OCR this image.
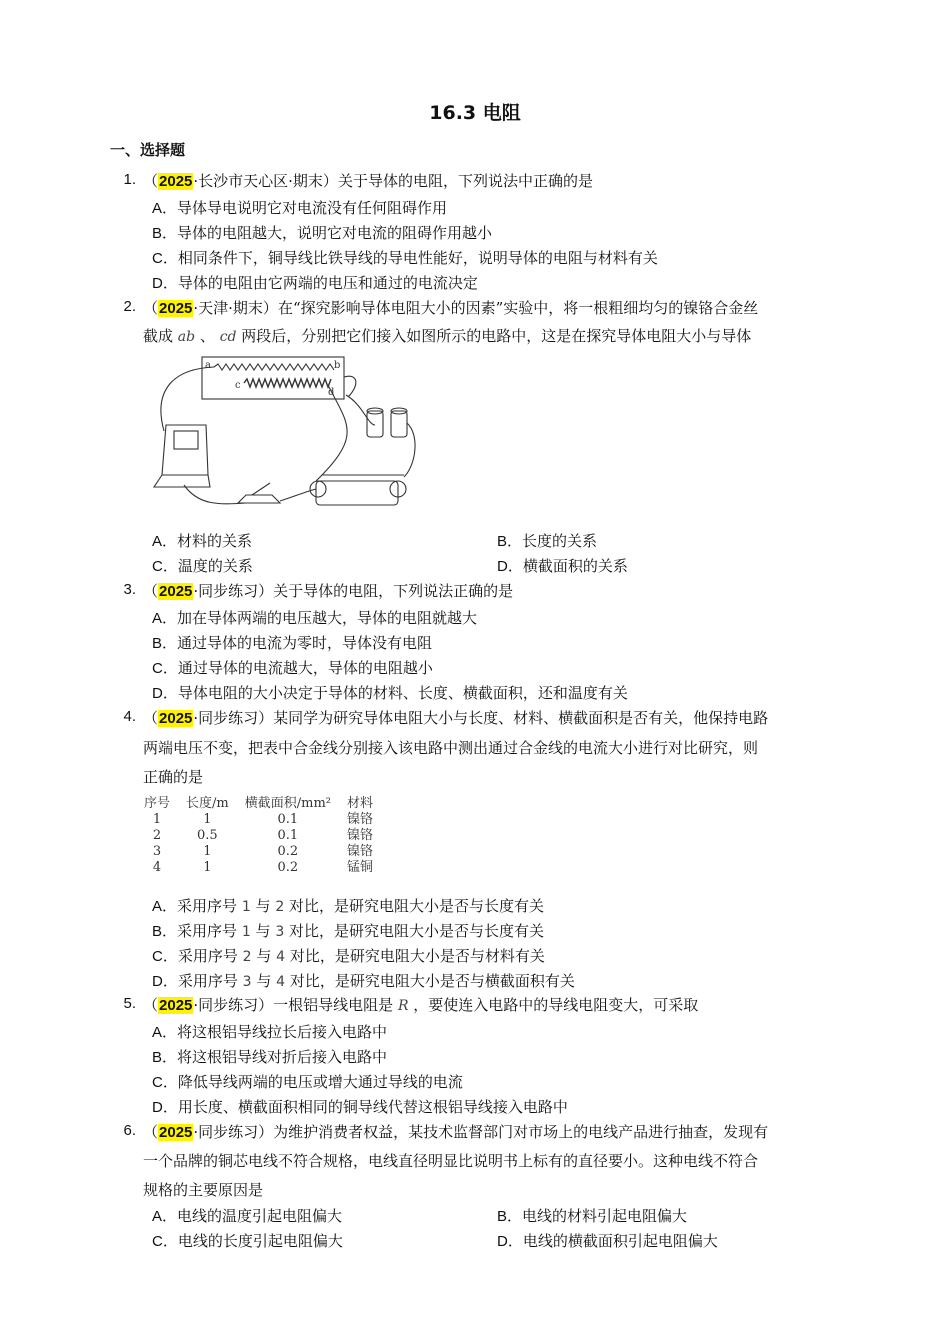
16.3 电阻
一、选择题
1. （2025·长沙市天心区·期末）关于导体的电阻，下列说法中正确的是
A．导体导电说明它对电流没有任何阻碍作用
B．导体的电阻越大，说明它对电流的阻碍作用越小
C．相同条件下，铜导线比铁导线的导电性能好，说明导体的电阻与材料有关
D．导体的电阻由它两端的电压和通过的电流决定
2. （2025·天津·期末）在“探究影响导体电阻大小的因素”实验中，将一根粗细均匀的镍铬合金丝
截成 ab 、 cd 两段后，分别把它们接入如图所示的电路中，这是在探究导体电阻大小与导体
a	b
c
d
A．材料的关系	B．长度的关系
C．温度的关系	D．横截面积的关系
3. （2025·同步练习）关于导体的电阻，下列说法正确的是
A．加在导体两端的电压越大，导体的电阻就越大
B．通过导体的电流为零时，导体没有电阻
C．通过导体的电流越大，导体的电阻越小
D．导体电阻的大小决定于导体的材料、长度、横截面积，还和温度有关
4. （2025·同步练习）某同学为研究导体电阻大小与长度、材料、横截面积是否有关，他保持电路
两端电压不变，把表中合金线分别接入该电路中测出通过合金线的电流大小进行对比研究，则
正确的是
序号	长度/m	横截面积/mm²	材料
1	1	0.1	镍铬
2	0.5	0.1	镍铬
3	1	0.2	镍铬
4	1	0.2	锰铜
A．采用序号 1 与 2 对比，是研究电阻大小是否与长度有关
B．采用序号 1 与 3 对比，是研究电阻大小是否与长度有关
C．采用序号 2 与 4 对比，是研究电阻大小是否与材料有关
D．采用序号 3 与 4 对比，是研究电阻大小是否与横截面积有关
5. （2025·同步练习）一根铝导线电阻是 R ，要使连入电路中的导线电阻变大，可采取
A．将这根铝导线拉长后接入电路中
B．将这根铝导线对折后接入电路中
C．降低导线两端的电压或增大通过导线的电流
D．用长度、横截面积相同的铜导线代替这根铝导线接入电路中
6. （2025·同步练习）为维护消费者权益，某技术监督部门对市场上的电线产品进行抽查，发现有
一个品牌的铜芯电线不符合规格，电线直径明显比说明书上标有的直径要小。这种电线不符合
规格的主要原因是
A．电线的温度引起电阻偏大	B．电线的材料引起电阻偏大
C．电线的长度引起电阻偏大	D．电线的横截面积引起电阻偏大
